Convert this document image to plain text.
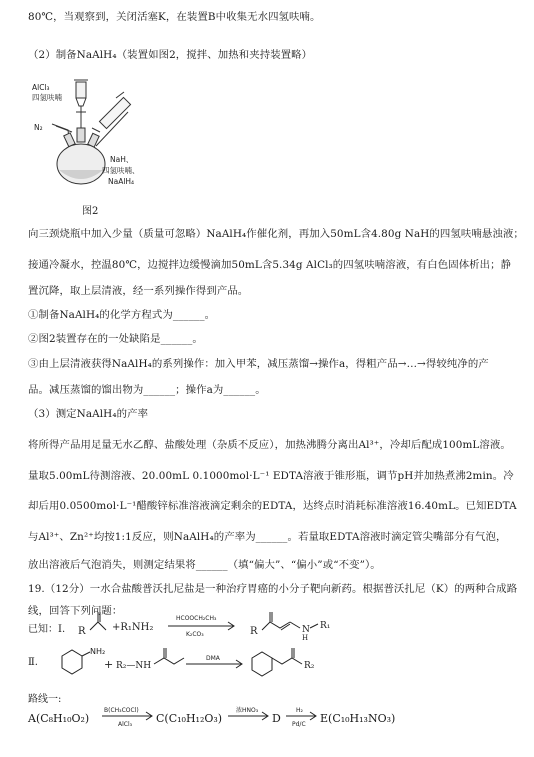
80℃，当观察到，关闭活塞K，在装置B中收集无水四氢呋喃。
（2）制备NaAlH₄（装置如图2，搅拌、加热和夹持装置略）
AlCl₃
四氢呋喃
N₂
NaH、
四氢呋喃、
NaAlH₄
图2
向三颈烧瓶中加入少量（质量可忽略）NaAlH₄作催化剂，再加入50mL含4.80g NaH的四氢呋喃悬浊液；
接通冷凝水，控温80℃，边搅拌边缓慢滴加50mL含5.34g AlCl₃的四氢呋喃溶液，有白色固体析出；静
置沉降，取上层清液，经一系列操作得到产品。
①制备NaAlH₄的化学方程式为______。
②图2装置存在的一处缺陷是______。
③由上层清液获得NaAlH₄的系列操作：加入甲苯，减压蒸馏→操作a，得粗产品→…→得较纯净的产
品。减压蒸馏的馏出物为______；操作a为______。
（3）测定NaAlH₄的产率
将所得产品用足量无水乙醇、盐酸处理（杂质不反应），加热沸腾分离出Al³⁺，冷却后配成100mL溶液。
量取5.00mL待测溶液、20.00mL 0.1000mol·L⁻¹ EDTA溶液于锥形瓶，调节pH并加热煮沸2min。冷
却后用0.0500mol·L⁻¹醋酸锌标准溶液滴定剩余的EDTA，达终点时消耗标准溶液16.40mL。已知EDTA
与Al³⁺、Zn²⁺均按1:1反应，则NaAlH₄的产率为______。若量取EDTA溶液时滴定管尖嘴部分有气泡，
放出溶液后气泡消失，则测定结果将______（填“偏大”、“偏小”或“不变”）。
19.（12分）一水合盐酸普沃扎尼盐是一种治疗胃癌的小分子靶向新药。根据普沃扎尼（K）的两种合成路
线，回答下列问题：
已知：Ⅰ. R	+R₁NH₂
HCOOCH₂CH₃
K₂CO₃	R	N
H
R₁
Ⅱ.
NH₂
+ R₂—NH
DMA
R₂
路线一:
A(C₈H₁₀O₂)
B(CH₃COCl)
AlCl₃ C(C₁₀H₁₂O₃)
浓HNO₃
D
H₂
Pd/C E(C₁₀H₁₃NO₃)
